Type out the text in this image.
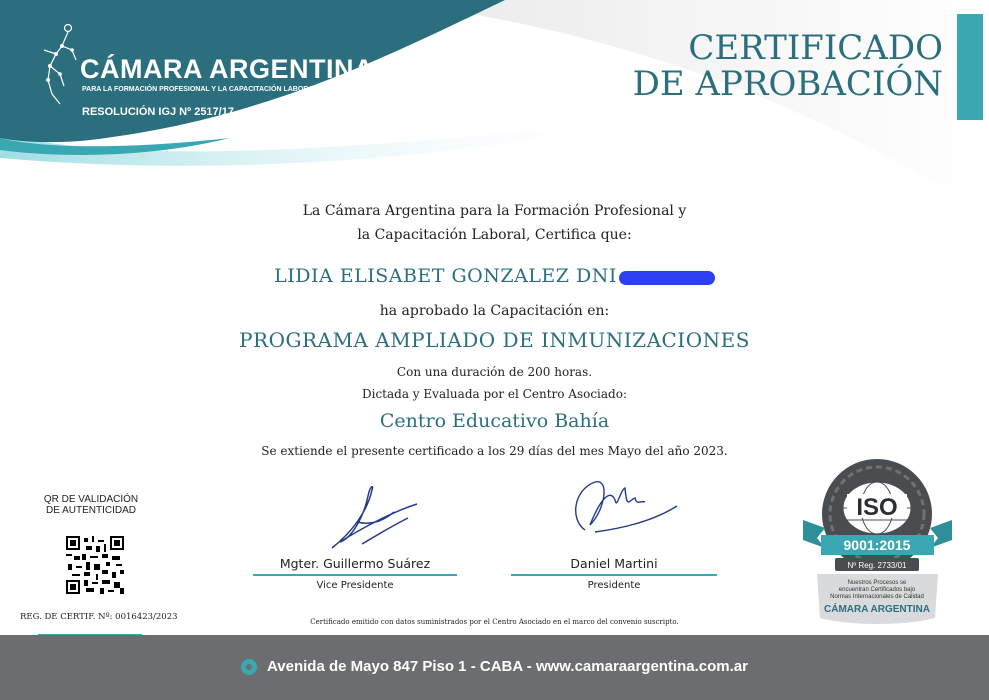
CÁMARA ARGENTINA
PARA LA FORMACIÓN PROFESIONAL Y LA CAPACITACIÓN LABORAL
RESOLUCIÓN IGJ Nº 2517/17
CERTIFICADO
DE APROBACIÓN
La Cámara Argentina para la Formación Profesional y
la Capacitación Laboral, Certifica que:
LIDIA ELISABET GONZALEZ DNI
ha aprobado la Capacitación en:
PROGRAMA AMPLIADO DE INMUNIZACIONES
Con una duración de 200 horas.
Dictada y Evaluada por el Centro Asociado:
Centro Educativo Bahía
Se extiende el presente certificado a los 29 días del mes Mayo del año 2023.
QR DE VALIDACIÓN
DE AUTENTICIDAD
REG. DE CERTIF. Nº: 0016423/2023
Mgter. Guillermo Suárez
Vice Presidente
Daniel Martini
Presidente
Certificado emitido con datos suministrados por el Centro Asociado en el marco del convenio suscripto.
ISO
9001:2015
Nº Reg. 2733/01
Nuestros Procesos se
encuentran Certificados bajo
Normas Internacionales de Calidad
CÁMARA ARGENTINA
Avenida de Mayo 847 Piso 1 - CABA - www.camaraargentina.com.ar
